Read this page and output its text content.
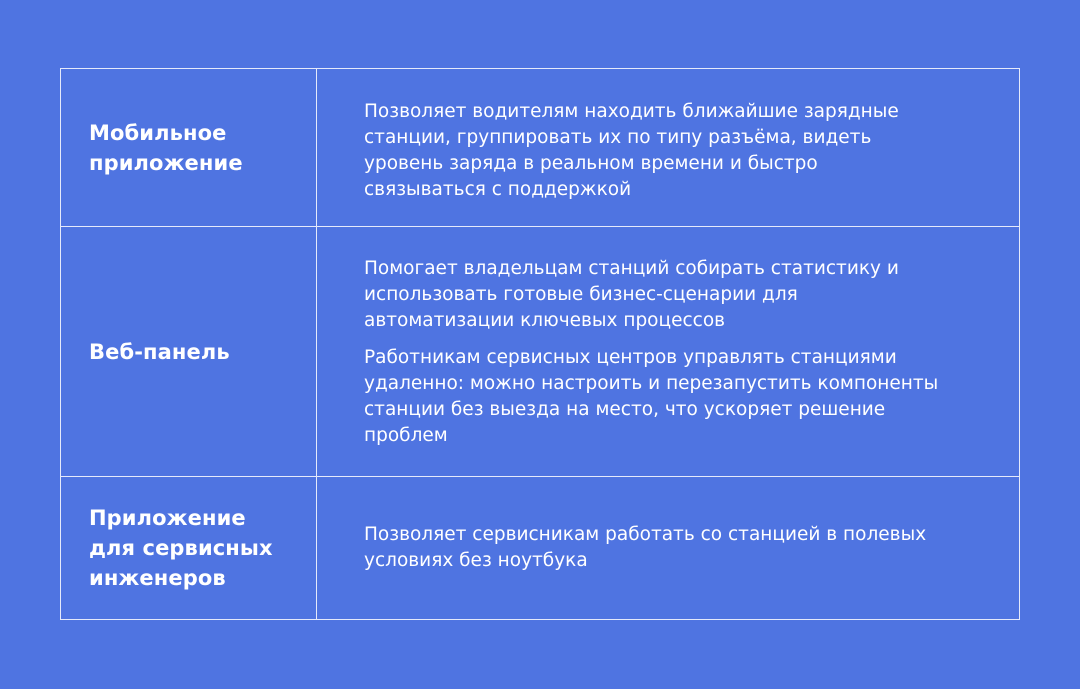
Мобильное приложение

Позволяет водителям находить ближайшие зарядные станции, группировать их по типу разъёма, видеть уровень заряда в реальном времени и быстро связываться с поддержкой

Веб-панель

Помогает владельцам станций собирать статистику и использовать готовые бизнес-сценарии для автоматизации ключевых процессов

Работникам сервисных центров управлять станциями удаленно: можно настроить и перезапустить компоненты станции без выезда на место, что ускоряет решение проблем

Приложение для сервисных инженеров

Позволяет сервисникам работать со станцией в полевых условиях без ноутбука
